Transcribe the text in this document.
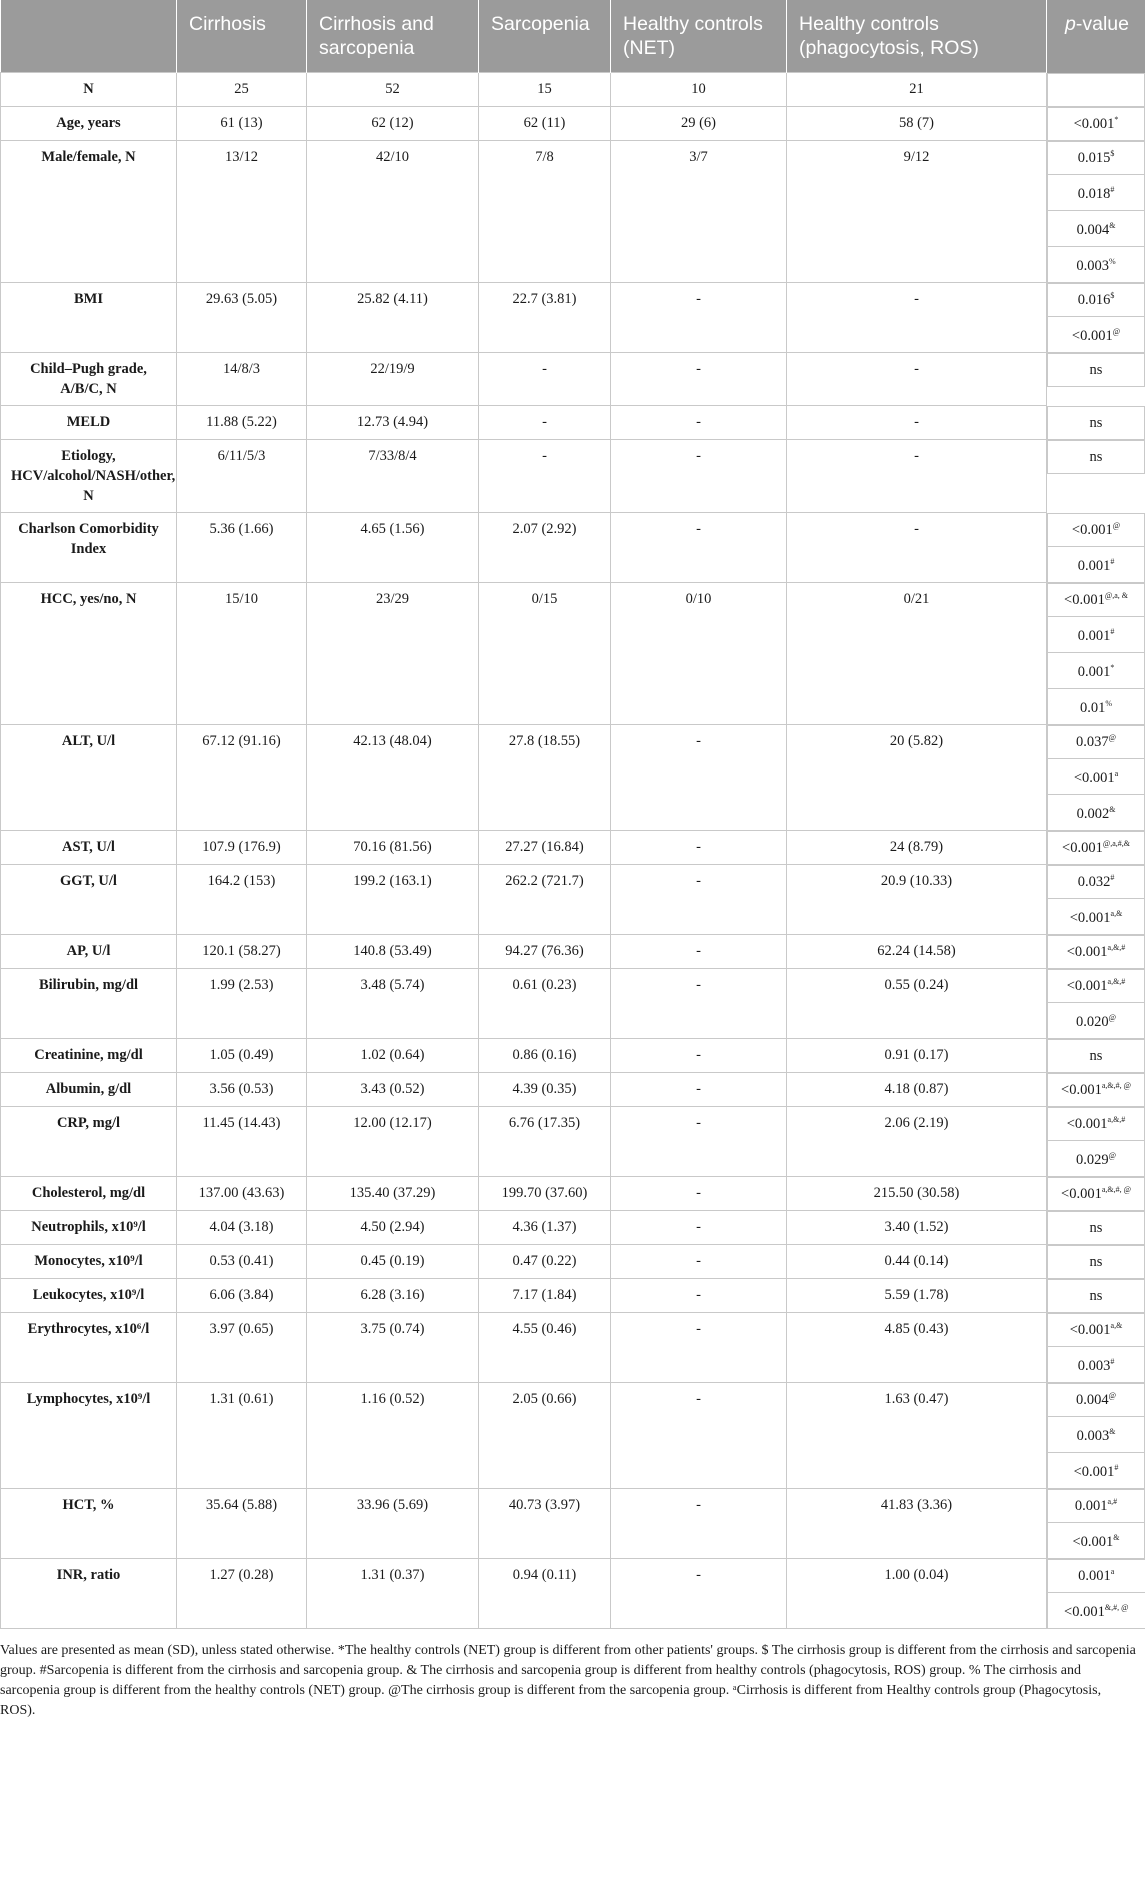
	Cirrhosis	Cirrhosis and sarcopenia	Sarcopenia	Healthy controls (NET)	Healthy controls (phagocytosis, ROS)	p-value
N	25	52	15	10	21	

Age, years	61 (13)	62 (12)	62 (11)	29 (6)	58 (7)	<0.001*

Male/female, N	13/12	42/10	7/8	3/7	9/12	0.015$
0.018#
0.004&
0.003%

BMI	29.63 (5.05)	25.82 (4.11)	22.7 (3.81)	-	-	0.016$
<0.001@

Child–Pugh grade, A/B/C, N	14/8/3	22/19/9	-	-	-	ns

MELD	11.88 (5.22)	12.73 (4.94)	-	-	-	ns

Etiology, HCV/alcohol/NASH/other, N	6/11/5/3	7/33/8/4	-	-	-	ns

Charlson Comorbidity Index	5.36 (1.66)	4.65 (1.56)	2.07 (2.92)	-	-	<0.001@
0.001#

HCC, yes/no, N	15/10	23/29	0/15	0/10	0/21	$<0.001^{@,a, \&}$
0.001#
0.001*
0.01%

ALT, U/l	67.12 (91.16)	42.13 (48.04)	27.8 (18.55)	-	20 (5.82)	0.037@
<0.001$^a$
0.002&

AST, U/l	107.9 (176.9)	70.16 (81.56)	27.27 (16.84)	-	24 (8.79)	$<0.001^{@,a,\#,\&}$

GGT, U/l	164.2 (153)	199.2 (163.1)	262.2 (721.7)	-	20.9 (10.33)	0.032#
$<0.001^{a,\&}$

AP, U/l	120.1 (58.27)	140.8 (53.49)	94.27 (76.36)	-	62.24 (14.58)	$<0.001^{a,\&,\#}$

Bilirubin, mg/dl	1.99 (2.53)	3.48 (5.74)	0.61 (0.23)	-	0.55 (0.24)	$<0.001^{a,\&,\#}$
0.020@

Creatinine, mg/dl	1.05 (0.49)	1.02 (0.64)	0.86 (0.16)	-	0.91 (0.17)	ns

Albumin, g/dl	3.56 (0.53)	3.43 (0.52)	4.39 (0.35)	-	4.18 (0.87)	$<0.001^{a,\&,\#, @}$

CRP, mg/l	11.45 (14.43)	12.00 (12.17)	6.76 (17.35)	-	2.06 (2.19)	$<0.001^{a,\&,\#}$
0.029@

Cholesterol, mg/dl	137.00 (43.63)	135.40 (37.29)	199.70 (37.60)	-	215.50 (30.58)	$<0.001^{a,\&,\#, @}$

Neutrophils, x10⁹/l	4.04 (3.18)	4.50 (2.94)	4.36 (1.37)	-	3.40 (1.52)	ns

Monocytes, x10⁹/l	0.53 (0.41)	0.45 (0.19)	0.47 (0.22)	-	0.44 (0.14)	ns

Leukocytes, x10⁹/l	6.06 (3.84)	6.28 (3.16)	7.17 (1.84)	-	5.59 (1.78)	ns

Erythrocytes, x10⁶/l	3.97 (0.65)	3.75 (0.74)	4.55 (0.46)	-	4.85 (0.43)	$<0.001^{a,\&}$
0.003#

Lymphocytes, x10⁹/l	1.31 (0.61)	1.16 (0.52)	2.05 (0.66)	-	1.63 (0.47)	0.004@
0.003&
<0.001#

HCT, %	35.64 (5.88)	33.96 (5.69)	40.73 (3.97)	-	41.83 (3.36)	$0.001^{a,\#}$
<0.001&

INR, ratio	1.27 (0.28)	1.31 (0.37)	0.94 (0.11)	-	1.00 (0.04)	0.001$^a$
<0.001&,#, @
Values are presented as mean (SD), unless stated otherwise. *The healthy controls (NET) group is different from other patients' groups. $ The cirrhosis group is different from the cirrhosis and sarcopenia group. #Sarcopenia is different from the cirrhosis and sarcopenia group. & The cirrhosis and sarcopenia group is different from healthy controls (phagocytosis, ROS) group. % The cirrhosis and sarcopenia group is different from the healthy controls (NET) group. @The cirrhosis group is different from the sarcopenia group. ᵃCirrhosis is different from Healthy controls group (Phagocytosis, ROS).
